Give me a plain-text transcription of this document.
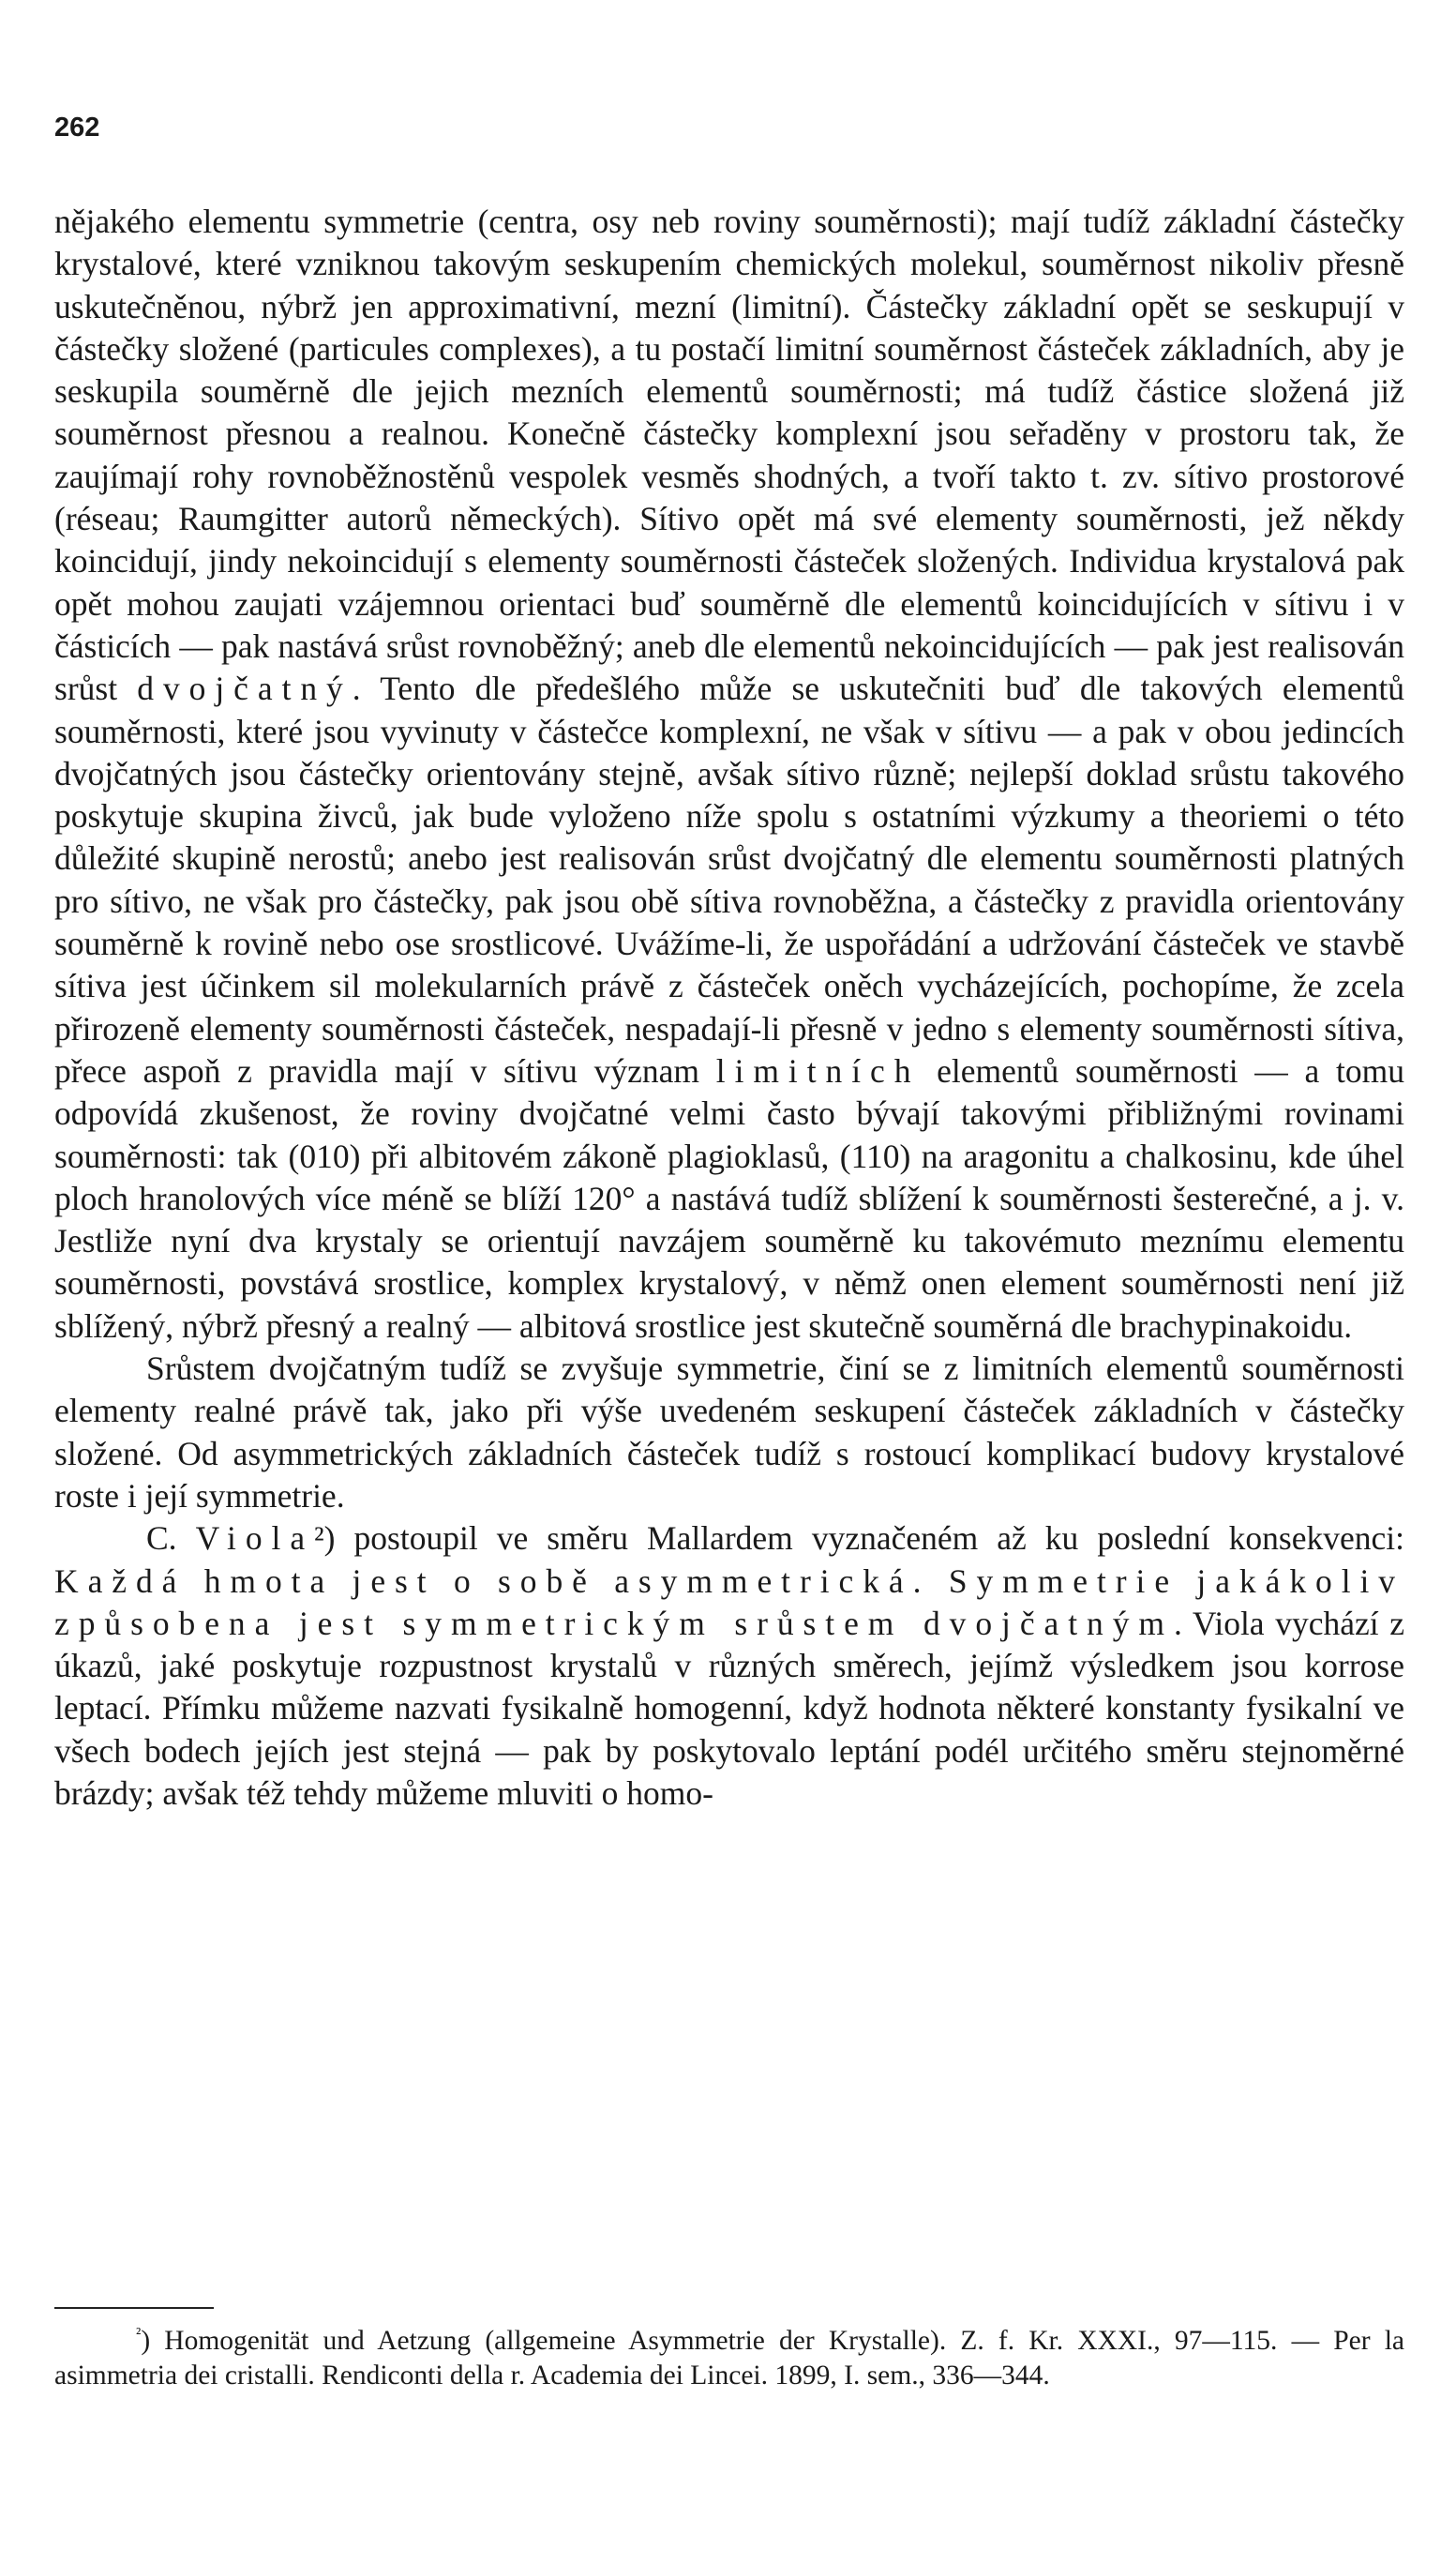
262

nějakého elementu symmetrie (centra, osy neb roviny souměrnosti); mají tudíž základní částečky krystalové, které vzniknou takovým seskupením chemických molekul, souměrnost nikoliv přesně uskutečněnou, nýbrž jen approximativní, mezní (limitní). Částečky základní opět se seskupují v částečky složené (particules complexes), a tu postačí limitní souměrnost částeček základních, aby je seskupila souměrně dle jejich mezních elementů souměrnosti; má tudíž částice složená již souměrnost přesnou a realnou. Konečně částečky komplexní jsou seřaděny v prostoru tak, že zaujímají rohy rovnoběžnostěnů vespolek vesměs shodných, a tvoří takto t. zv. sítivo prostorové (réseau; Raumgitter autorů německých). Sítivo opět má své elementy souměrnosti, jež někdy koincidují, jindy nekoincidují s elementy souměrnosti částeček složených. Individua krystalová pak opět mohou zaujati vzájemnou orientaci buď souměrně dle elementů koincidujících v sítivu i v částicích — pak nastává srůst rovnoběžný; aneb dle elementů nekoincidujících — pak jest realisován srůst dvojčatný. Tento dle předešlého může se uskutečniti buď dle takových elementů souměrnosti, které jsou vyvinuty v částečce komplexní, ne však v sítivu — a pak v obou jedincích dvojčatných jsou částečky orientovány stejně, avšak sítivo různě; nejlepší doklad srůstu takového poskytuje skupina živců, jak bude vyloženo níže spolu s ostatními výzkumy a theoriemi o této důležité skupině nerostů; anebo jest realisován srůst dvojčatný dle elementu souměrnosti platných pro sítivo, ne však pro částečky, pak jsou obě sítiva rovnoběžna, a částečky z pravidla orientovány souměrně k rovině nebo ose srostlicové. Uvážíme-li, že uspořádání a udržování částeček ve stavbě sítiva jest účinkem sil molekularních právě z částeček oněch vycházejících, pochopíme, že zcela přirozeně elementy souměrnosti částeček, nespadají-li přesně v jedno s elementy souměrnosti sítiva, přece aspoň z pravidla mají v sítivu význam limitních elementů souměrnosti — a tomu odpovídá zkušenost, že roviny dvojčatné velmi často bývají takovými přibližnými rovinami souměrnosti: tak (010) při albitovém zákoně plagioklasů, (110) na aragonitu a chalkosinu, kde úhel ploch hranolových více méně se blíží 120° a nastává tudíž sblížení k souměrnosti šesterečné, a j. v. Jestliže nyní dva krystaly se orientují navzájem souměrně ku takovémuto meznímu elementu souměrnosti, povstává srostlice, komplex krystalový, v němž onen element souměrnosti není již sblížený, nýbrž přesný a realný — albitová srostlice jest skutečně souměrná dle brachypinakoidu.

Srůstem dvojčatným tudíž se zvyšuje symmetrie, činí se z limitních elementů souměrnosti elementy realné právě tak, jako při výše uvedeném seskupení částeček základních v částečky složené. Od asymmetrických základních částeček tudíž s rostoucí komplikací budovy krystalové roste i její symmetrie.

C. Viola²) postoupil ve směru Mallardem vyznačeném až ku poslední konsekvenci: Každá hmota jest o sobě asymmetrická. Symmetrie jakákoliv způsobena jest symmetrickým srůstem dvojčatným. Viola vychází z úkazů, jaké poskytuje rozpustnost krystalů v různých směrech, jejímž výsledkem jsou korrose leptací. Přímku můžeme nazvati fysikalně homogenní, když hodnota některé konstanty fysikalní ve všech bodech jejích jest stejná — pak by poskytovalo leptání podél určitého směru stejnoměrné brázdy; avšak též tehdy můžeme mluviti o homo-

$^{^2}$) Homogenität und Aetzung (allgemeine Asymmetrie der Krystalle). Z. f. Kr. XXXI., 97—115. — Per la asimmetria dei cristalli. Rendiconti della r. Academia dei Lincei. 1899, I. sem., 336—344.
